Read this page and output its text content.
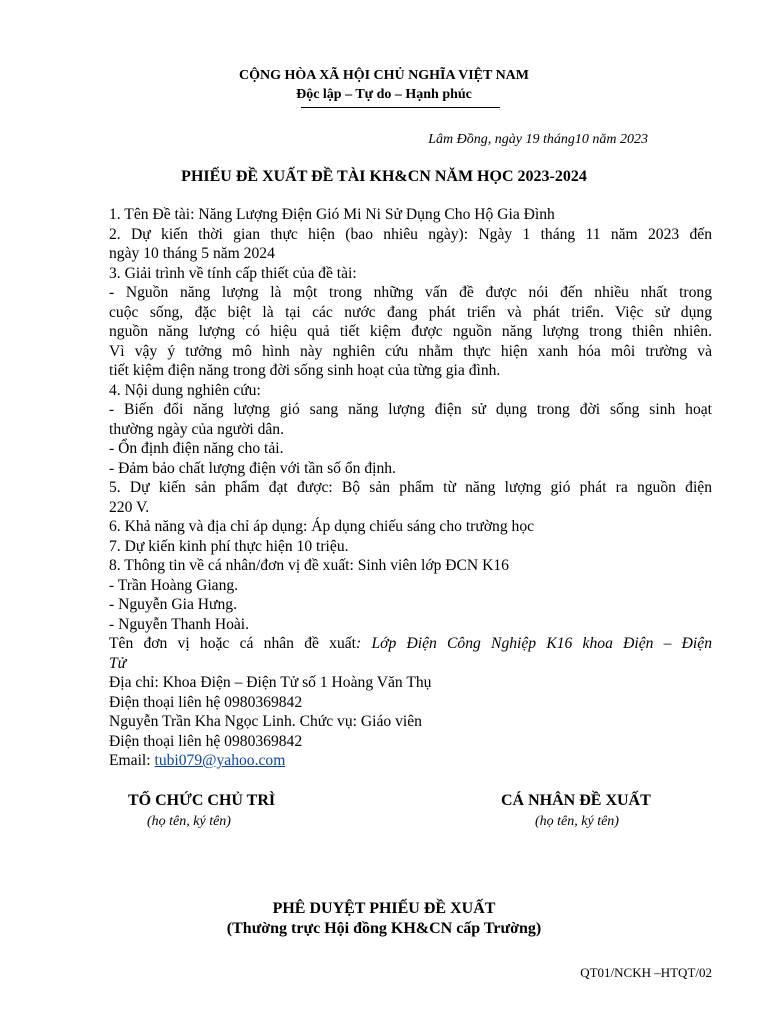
CỘNG HÒA XÃ HỘI CHỦ NGHĨA VIỆT NAM
Độc lập – Tự do – Hạnh phúc
Lâm Đồng, ngày 19 tháng10 năm 2023
PHIẾU ĐỀ XUẤT ĐỀ TÀI KH&CN NĂM HỌC 2023-2024
1. Tên Đề tài: Năng Lượng Điện Gió Mi Ni Sử Dụng Cho Hộ Gia Đình
2. Dự kiến thời gian thực hiện (bao nhiêu ngày): Ngày 1 tháng 11 năm 2023 đến
ngày 10 tháng 5 năm 2024
3. Giải trình về tính cấp thiết của đề tài:
- Nguồn năng lượng là một trong những vấn đề được nói đến nhiều nhất trong
cuộc sống, đặc biệt là tại các nước đang phát triển và phát triển. Việc sử dụng
nguồn năng lượng có hiệu quả tiết kiệm được nguồn năng lượng trong thiên nhiên.
Vì vậy ý tưởng mô hình này nghiên cứu nhằm thực hiện xanh hóa môi trường và
tiết kiệm điện năng trong đời sống sinh hoạt của từng gia đình.
4. Nội dung nghiên cứu:
- Biến đổi năng lượng gió sang năng lượng điện sử dụng trong đời sống sinh hoạt
thường ngày của người dân.
- Ổn định điện năng cho tải.
- Đảm bảo chất lượng điện với tần số ổn định.
5. Dự kiến sản phẩm đạt được: Bộ sản phẩm từ năng lượng gió phát ra nguồn điện
220 V.
6. Khả năng và địa chỉ áp dụng: Áp dụng chiếu sáng cho trường học
7. Dự kiến kinh phí thực hiện 10 triệu.
8. Thông tin về cá nhân/đơn vị đề xuất: Sinh viên lớp ĐCN K16
- Trần Hoàng Giang.
- Nguyễn Gia Hưng.
- Nguyễn Thanh Hoài.
Tên đơn vị hoặc cá nhân đề xuất: Lớp Điện Công Nghiệp K16 khoa Điện – Điện
Tử
Địa chỉ: Khoa Điện – Điện Tử số 1 Hoàng Văn Thụ
Điện thoại liên hệ 0980369842
Nguyễn Trần Kha Ngọc Linh. Chức vụ: Giáo viên
Điện thoại liên hệ 0980369842
Email: tubi079@yahoo.com
TỐ CHỨC CHỦ TRÌ
(họ tên, ký tên)
CÁ NHÂN ĐỀ XUẤT
(họ tên, ký tên)
PHÊ DUYỆT PHIẾU ĐỀ XUẤT
(Thường trực Hội đồng KH&CN cấp Trường)
QT01/NCKH –HTQT/02
